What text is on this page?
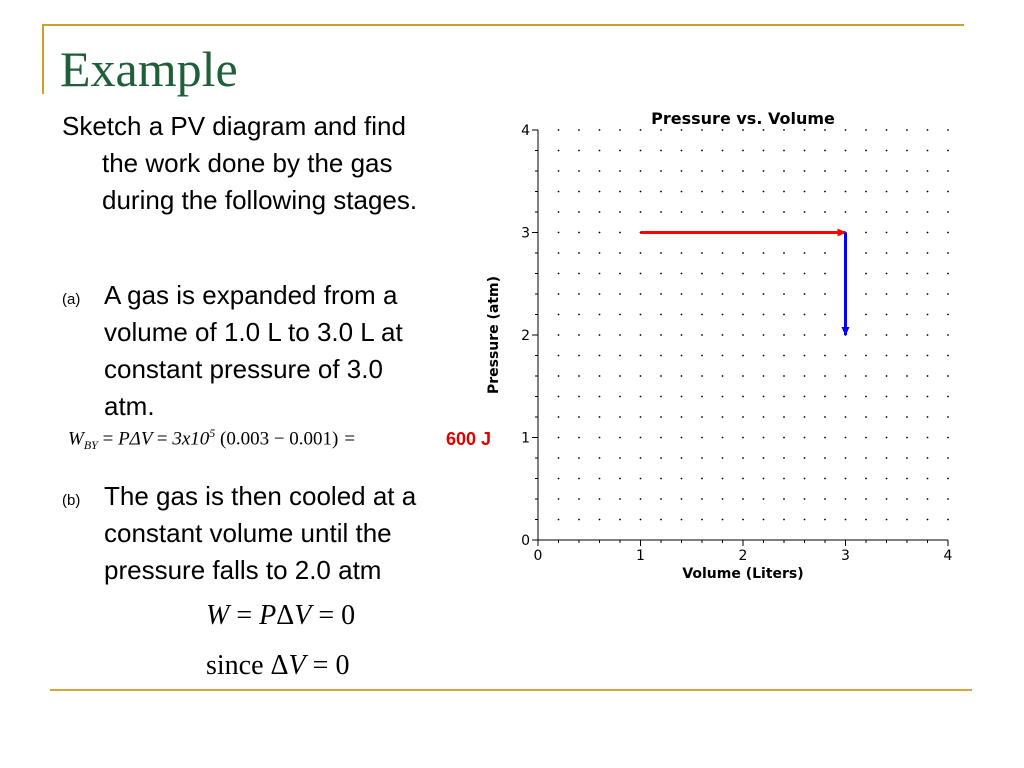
Example
Sketch a PV diagram and find
the work done by the gas
during the following stages.
(a) A gas is expanded from a
volume of 1.0 L to 3.0 L at
constant pressure of 3.0
atm.
(b) The gas is then cooled at a
constant volume until the
pressure falls to 2.0 atm
$W_{BY} = P\Delta V = 3x10^5$ (0.003 − 0.001) =	600 J
W = PΔV = 0
since ΔV = 0
Pressure vs. Volume
0	1	2	3	4
0
1
2
3
4
Volume (Liters)
Pressure (atm)
